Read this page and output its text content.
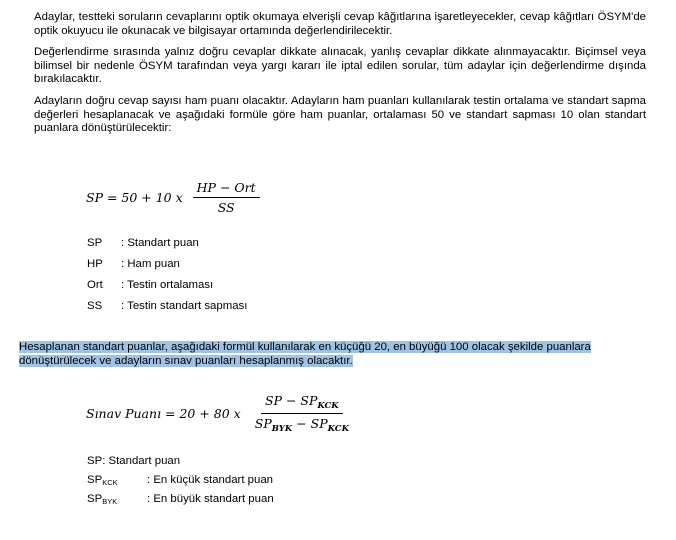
Adaylar, testteki soruların cevaplarını optik okumaya elverişli cevap kâğıtlarına işaretleyecekler, cevap kâğıtları ÖSYM'de optik okuyucu ile okunacak ve bilgisayar ortamında değerlendirilecektir.

Değerlendirme sırasında yalnız doğru cevaplar dikkate alınacak, yanlış cevaplar dikkate alınmayacaktır. Biçimsel veya bilimsel bir nedenle ÖSYM tarafından veya yargı kararı ile iptal edilen sorular, tüm adaylar için değerlendirme dışında bırakılacaktır.

Adayların doğru cevap sayısı ham puanı olacaktır. Adayların ham puanları kullanılarak testin ortalama ve standart sapma değerleri hesaplanacak ve aşağıdaki formüle göre ham puanlar, ortalaması 50 ve standart sapması 10 olan standart puanlara dönüştürülecektir:

SP = 50 + 10 x $\frac{\text{HP − Ort}}{SS}$
SP	: Standart puan
HP	: Ham puan
Ort	: Testin ortalaması
SS	: Testin standart sapması

Hesaplanan standart puanlar, aşağıdaki formül kullanılarak en küçüğü 20, en büyüğü 100 olacak şekilde puanlara dönüştürülecek ve adayların sınav puanları hesaplanmış olacaktır.

Sınav Puanı = 20 + 80 x $\frac{SP - SP_{KCK}}{SP_{BYK} - SP_{KCK}}$
SP: Standart puan
$SP_{KCK}$	: En küçük standart puan
$SP_{BYK}$	: En büyük standart puan
